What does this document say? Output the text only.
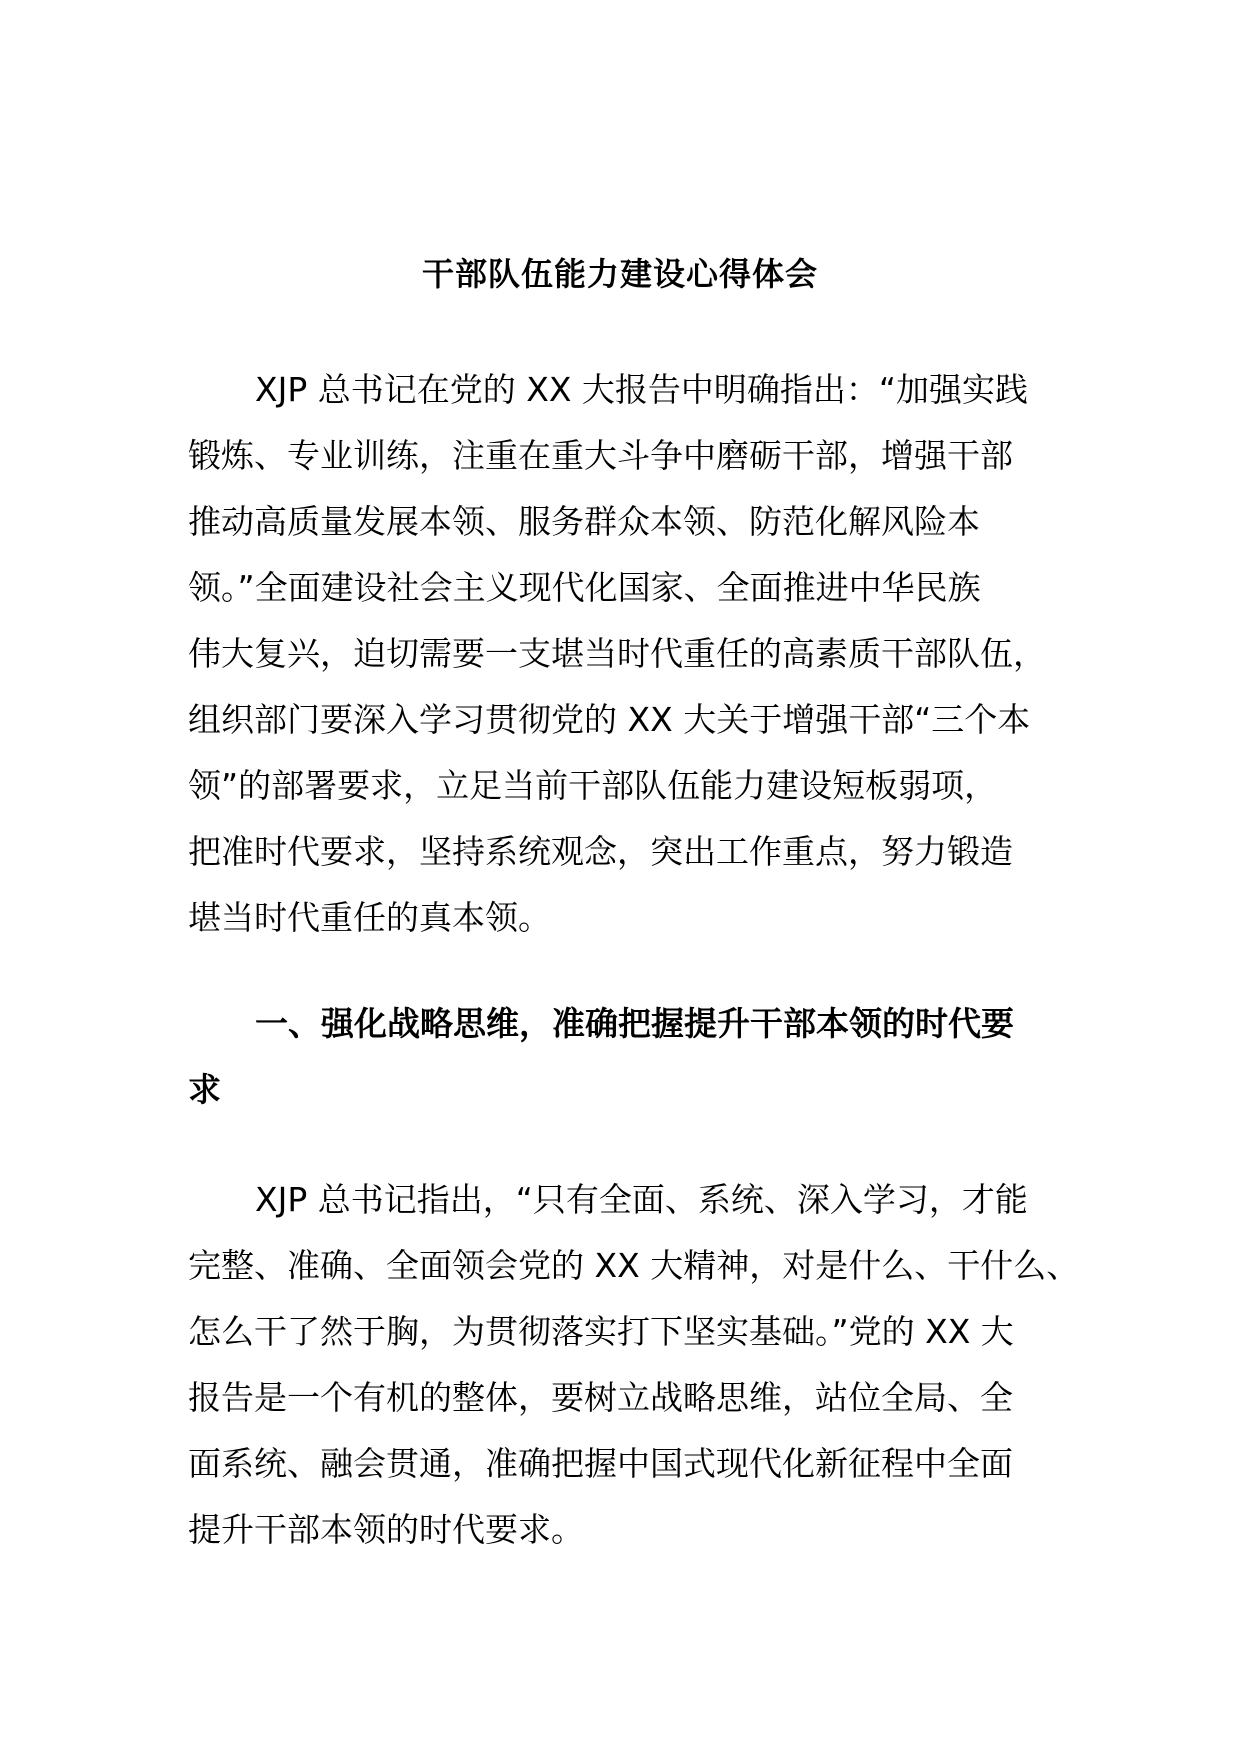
干部队伍能力建设心得体会
XJP 总书记在党的 XX 大报告中明确指出：“加强实践
锻炼、专业训练，注重在重大斗争中磨砺干部，增强干部
推动高质量发展本领、服务群众本领、防范化解风险本
领。”全面建设社会主义现代化国家、全面推进中华民族
伟大复兴，迫切需要一支堪当时代重任的高素质干部队伍，
组织部门要深入学习贯彻党的 XX 大关于增强干部“三个本
领”的部署要求，立足当前干部队伍能力建设短板弱项，
把准时代要求，坚持系统观念，突出工作重点，努力锻造
堪当时代重任的真本领。
一、强化战略思维，准确把握提升干部本领的时代要
求
XJP 总书记指出，“只有全面、系统、深入学习，才能
完整、准确、全面领会党的 XX 大精神，对是什么、干什么、
怎么干了然于胸，为贯彻落实打下坚实基础。”党的 XX 大
报告是一个有机的整体，要树立战略思维，站位全局、全
面系统、融会贯通，准确把握中国式现代化新征程中全面
提升干部本领的时代要求。
